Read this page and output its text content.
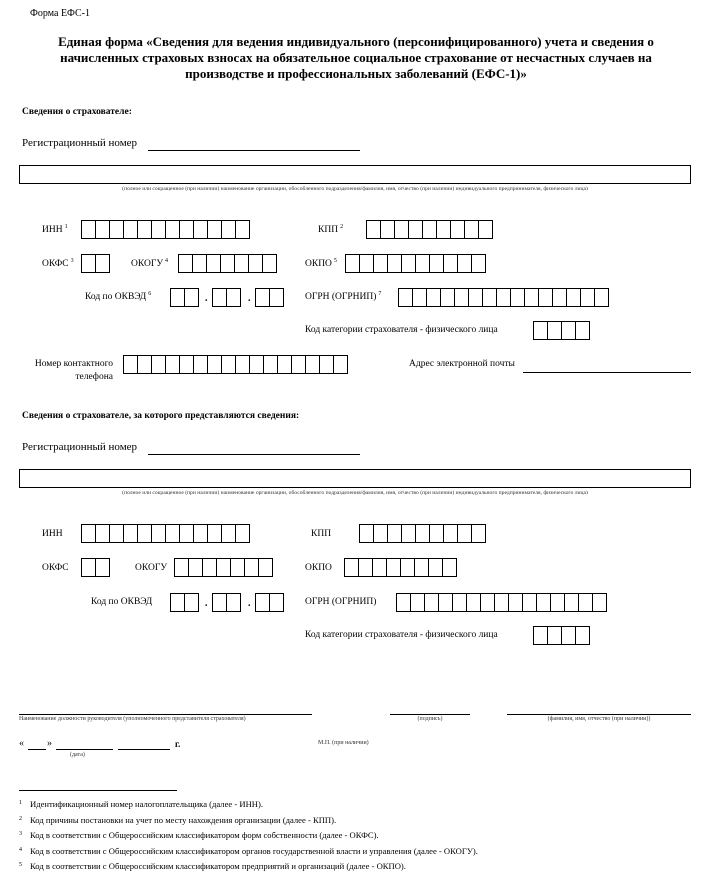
Форма ЕФС-1
Единая форма «Сведения для ведения индивидуального (персонифицированного) учета и сведения о начисленных страховых взносах на обязательное социальное страхование от несчастных случаев на производстве и профессиональных заболеваний (ЕФС-1)»
Сведения о страхователе:
Регистрационный номер
(полное или сокращенное (при наличии) наименование организации, обособленного подразделения/фамилия, имя, отчество (при наличии) индивидуального предпринимателя, физического лица)
ИНН $^1$	КПП $^2$
ОКФС $^3$	ОКОГУ $^4$	ОКПО $^5$
Код по ОКВЭД $^6$	.	.	ОГРН (ОГРНИП) $^7$
Код категории страхователя - физического лица
Номер контактного
телефона
Адрес электронной почты
Сведения о страхователе, за которого представляются сведения:
Регистрационный номер
(полное или сокращенное (при наличии) наименование организации, обособленного подразделения/фамилия, имя, отчество (при наличии) индивидуального предпринимателя, физического лица)
ИНН	КПП
ОКФС	ОКОГУ	ОКПО
Код по ОКВЭД	.	.	ОГРН (ОГРНИП)
Код категории страхователя - физического лица
Наименование должности руководителя (уполномоченного представителя страхователя)	(подпись)	(фамилия, имя, отчество (при наличии))
« »	г.
(дата)
М.П. (при наличии)
$^1$ Идентификационный номер налогоплательщика (далее - ИНН).
$^2$ Код причины постановки на учет по месту нахождения организации (далее - КПП).
$^3$ Код в соответствии с Общероссийским классификатором форм собственности (далее - ОКФС).
$^4$ Код в соответствии с Общероссийским классификатором органов государственной власти и управления (далее - ОКОГУ).
$^5$ Код в соответствии с Общероссийским классификатором предприятий и организаций (далее - ОКПО).
